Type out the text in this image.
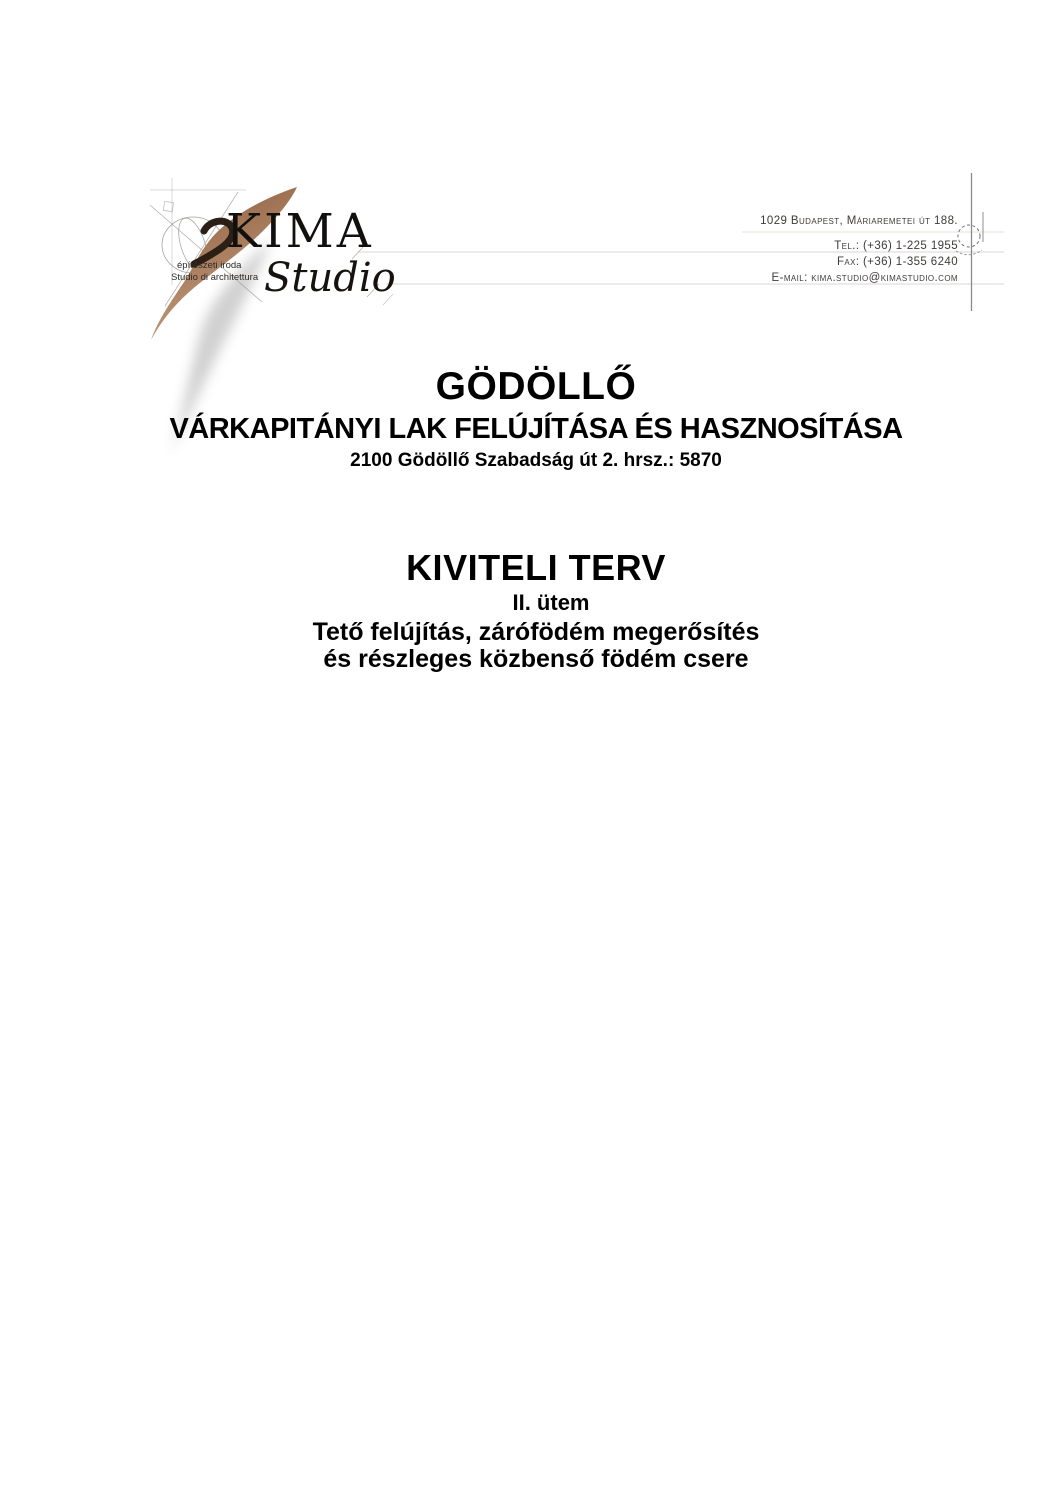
KIMA
Studio
építészeti iroda
Studio di architettura
1029 Budapest, Máriaremetei út 188.
Tel.: (+36) 1-225 1955
Fax: (+36) 1-355 6240
E-mail: kima.studio@kimastudio.com
GÖDÖLLŐ
VÁRKAPITÁNYI LAK FELÚJÍTÁSA ÉS HASZNOSÍTÁSA
2100 Gödöllő Szabadság út 2. hrsz.: 5870
KIVITELI TERV
II. ütem
Tető felújítás, zárófödém megerősítés
és részleges közbenső födém csere
